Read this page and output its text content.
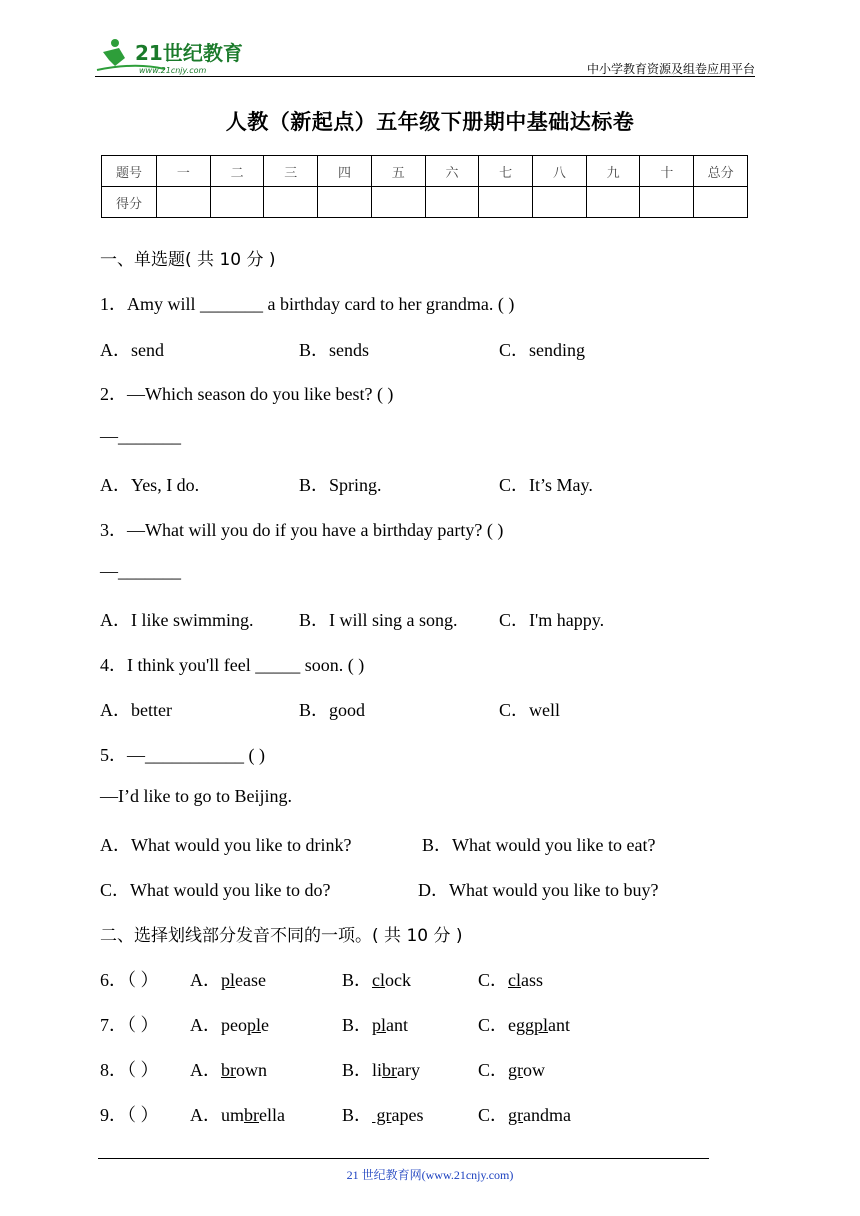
21世纪教育
www.21cnjy.com	中小学教育资源及组卷应用平台
人教（新起点）五年级下册期中基础达标卷
题号	一	二	三	四	五	六	七	八	九	十	总分
得分											
一、单选题( 共 10 分 )
1．Amy will _______ a birthday card to her grandma. ( )
A．send	B．sends	C．sending
2．—Which season do you like best? ( )
—_______
A．Yes, I do.	B．Spring.	C．It’s May.
3．—What will you do if you have a birthday party? ( )
—_______
A．I like swimming.	B．I will sing a song. C．I'm happy.
4．I think you'll feel _____ soon. ( )
A．better	B．good	C．well
5．—___________ ( )
—I’d like to go to Beijing.
A．What would you like to drink?	B．What would you like to eat?
C．What would you like to do?	D．What would you like to buy?
二、选择划线部分发音不同的一项。( 共 10 分 )
6．（ ） A．please	B．clock	C．class
7．（ ） A．people	B．plant	C．eggplant
8．（ ） A．brown	B．library	C．grow
9．（ ） A．umbrella	B． grapes	C．grandma
21 世纪教育网(www.21cnjy.com)
